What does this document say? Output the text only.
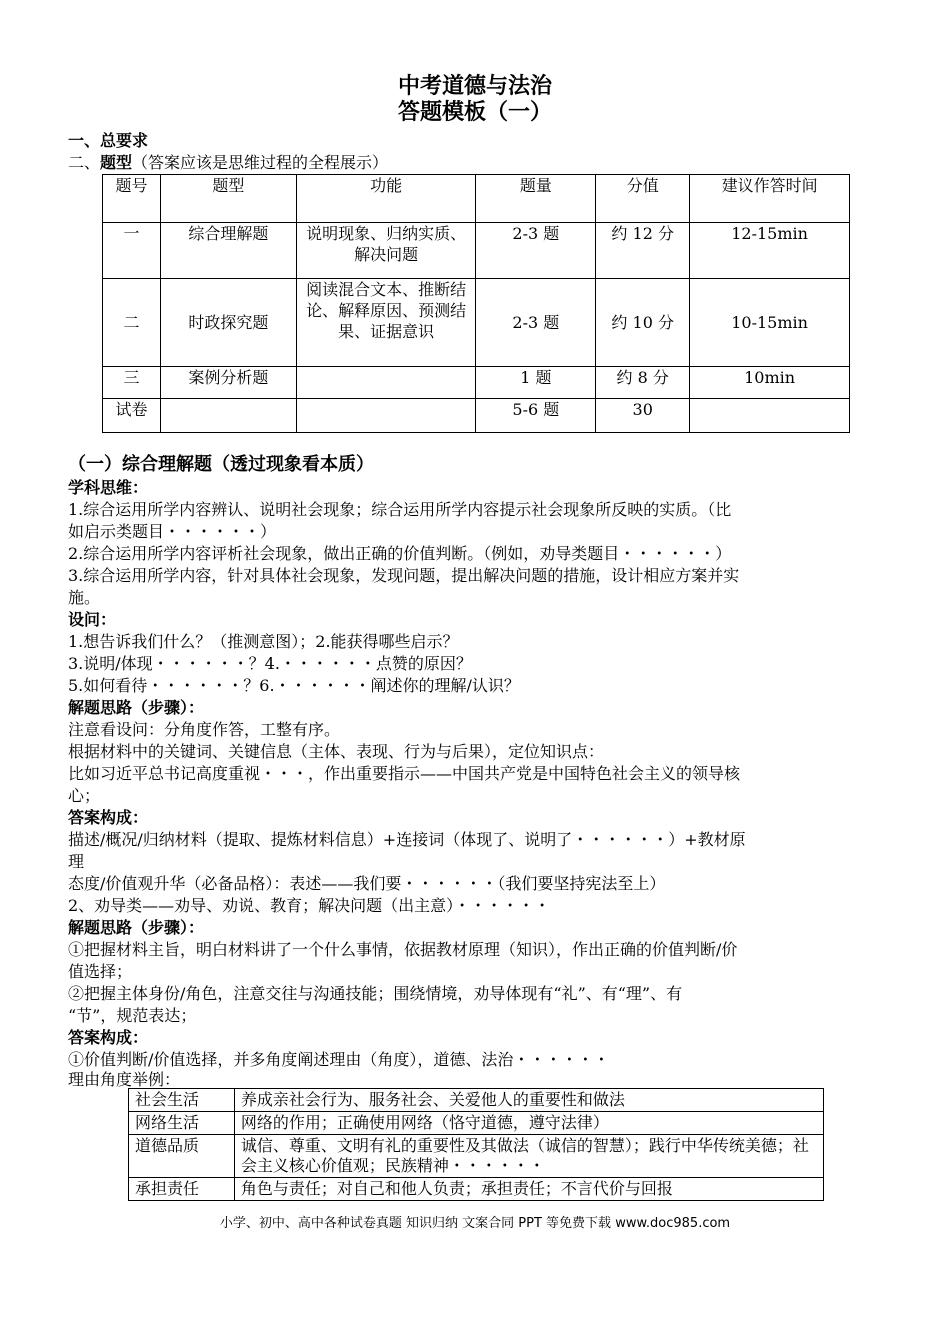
中考道德与法治
答题模板（一）
一、总要求
二、题型（答案应该是思维过程的全程展示）
题号	题型	功能	题量	分值	建议作答时间
一	综合理解题	说明现象、归纳实质、解决问题	2-3 题	约 12 分	12-15min
二	时政探究题	阅读混合文本、推断结论、解释原因、预测结果、证据意识	2-3 题	约 10 分	10-15min
三	案例分析题		1 题	约 8 分	10min
试卷			5-6 题	30	
（一）综合理解题（透过现象看本质）
学科思维：
1.综合运用所学内容辨认、说明社会现象；综合运用所学内容提示社会现象所反映的实质。（比
如启示类题目・・・・・・）
2.综合运用所学内容评析社会现象，做出正确的价值判断。（例如，劝导类题目・・・・・・）
3.综合运用所学内容，针对具体社会现象，发现问题，提出解决问题的措施，设计相应方案并实
施。
设问：
1.想告诉我们什么？（推测意图）；2.能获得哪些启示？
3.说明/体现・・・・・・？4.・・・・・・点赞的原因？
5.如何看待・・・・・・？6.・・・・・・阐述你的理解/认识？
解题思路（步骤）：
注意看设问：分角度作答，工整有序。
根据材料中的关键词、关键信息（主体、表现、行为与后果），定位知识点：
比如习近平总书记高度重视・・・，作出重要指示——中国共产党是中国特色社会主义的领导核
心；
答案构成：
描述/概况/归纳材料（提取、提炼材料信息）+连接词（体现了、说明了・・・・・・）+教材原
理
态度/价值观升华（必备品格）：表述——我们要・・・・・・（我们要坚持宪法至上）
2、劝导类——劝导、劝说、教育；解决问题（出主意）・・・・・・
解题思路（步骤）：
①把握材料主旨，明白材料讲了一个什么事情，依据教材原理（知识），作出正确的价值判断/价
值选择；
②把握主体身份/角色，注意交往与沟通技能；围绕情境，劝导体现有“礼”、有“理”、有
“节”，规范表达；
答案构成：
①价值判断/价值选择，并多角度阐述理由（角度），道德、法治・・・・・・
理由角度举例：
社会生活	养成亲社会行为、服务社会、关爱他人的重要性和做法
网络生活	网络的作用；正确使用网络（恪守道德，遵守法律）
道德品质	诚信、尊重、文明有礼的重要性及其做法（诚信的智慧）；践行中华传统美德；社会主义核心价值观；民族精神・・・・・・
承担责任	角色与责任；对自己和他人负责；承担责任；不言代价与回报
小学、初中、高中各种试卷真题 知识归纳 文案合同 PPT 等免费下载 www.doc985.com
